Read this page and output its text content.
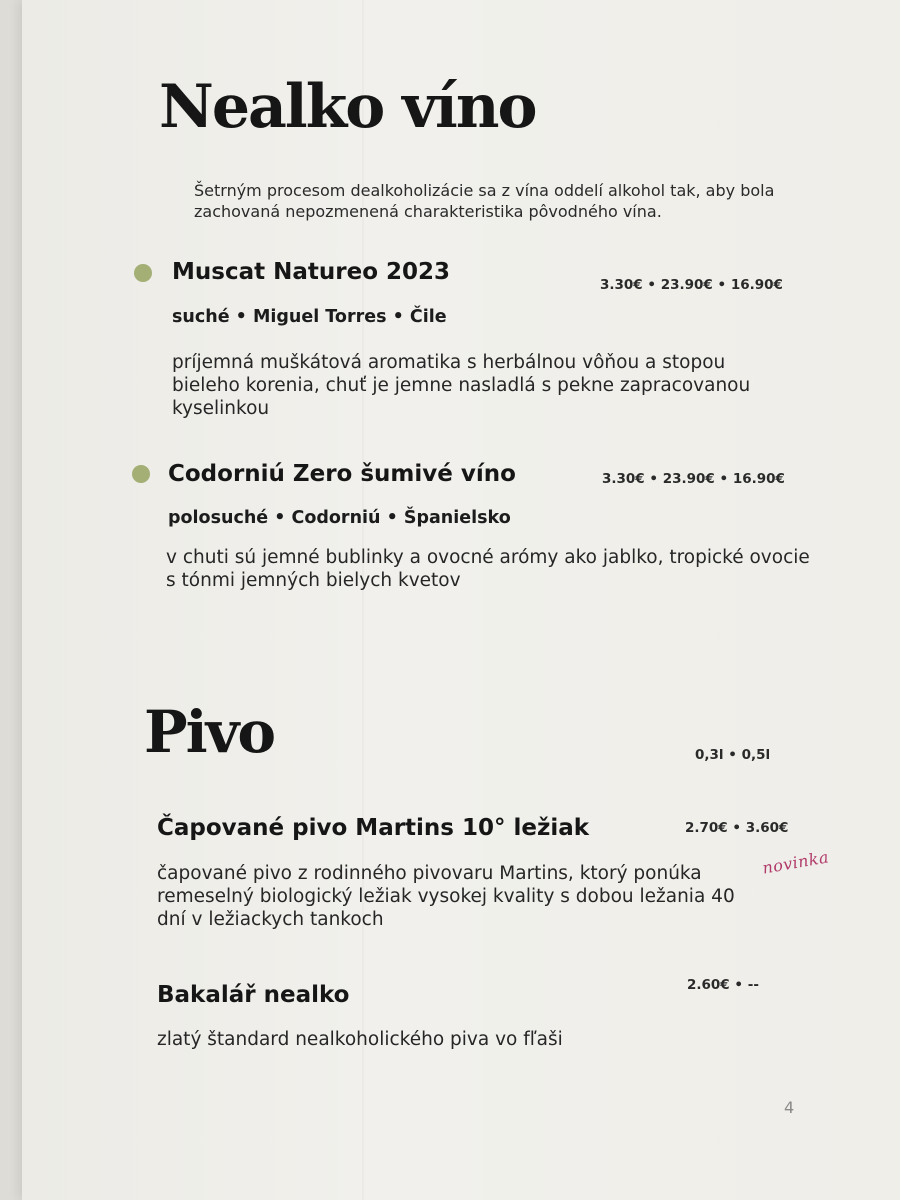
Nealko víno
Šetrným procesom dealkoholizácie sa z vína oddelí alkohol tak, aby bola zachovaná nepozmenená charakteristika pôvodného vína.
Muscat Natureo 2023	3.30€ • 23.90€ • 16.90€
suché • Miguel Torres • Čile
príjemná muškátová aromatika s herbálnou vôňou a stopou bieleho korenia, chuť je jemne nasladlá s pekne zapracovanou kyselinkou
Codorniú Zero šumivé víno	3.30€ • 23.90€ • 16.90€
polosuché • Codorniú • Španielsko
v chuti sú jemné bublinky a ovocné arómy ako jablko, tropické ovocie s tónmi jemných bielych kvetov
Pivo	0,3l • 0,5l
Čapované pivo Martins 10° ležiak	2.70€ • 3.60€
čapované pivo z rodinného pivovaru Martins, ktorý ponúka remeselný biologický ležiak vysokej kvality s dobou ležania 40 dní v ležiackych tankoch
novinka
Bakalář nealko	2.60€ • --
zlatý štandard nealkoholického piva vo fľaši
4
